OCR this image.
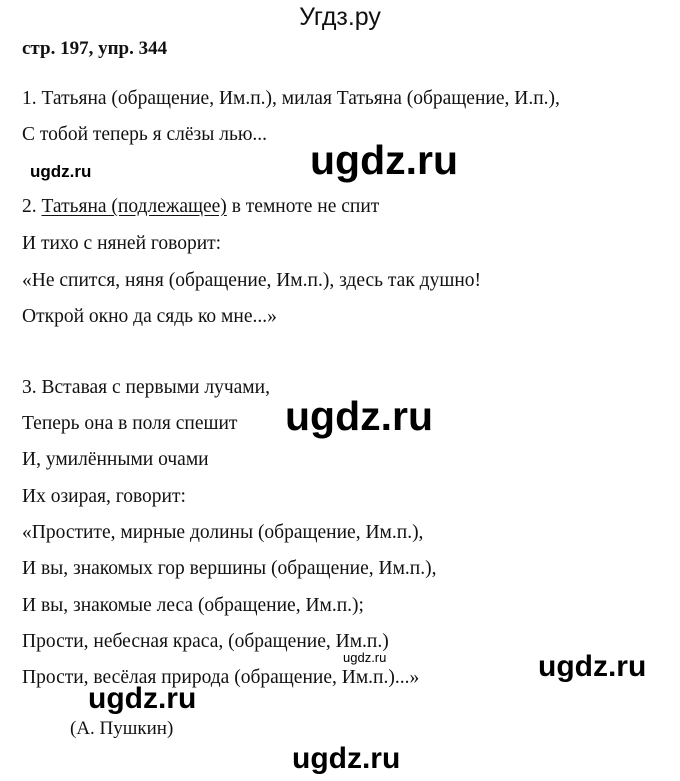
Угдз.ру
стр. 197, упр. 344
1. Татьяна (обращение, Им.п.), милая Татьяна (обращение, И.п.),
С тобой теперь я слёзы лью...
2. Татьяна (подлежащее) в темноте не спит
И тихо с няней говорит:
«Не спится, няня (обращение, Им.п.), здесь так душно!
Открой окно да сядь ко мне...»
3. Вставая с первыми лучами,
Теперь она в поля спешит
И, умилёнными очами
Их озирая, говорит:
«Простите, мирные долины (обращение, Им.п.),
И вы, знакомых гор вершины (обращение, Им.п.),
И вы, знакомые леса (обращение, Им.п.);
Прости, небесная краса, (обращение, Им.п.)
Прости, весёлая природа (обращение, Им.п.)...»
(А. Пушкин)
ugdz.ru	ugdz.ru
ugdz.ru
ugdz.ru	ugdz.ru
ugdz.ru
ugdz.ru
